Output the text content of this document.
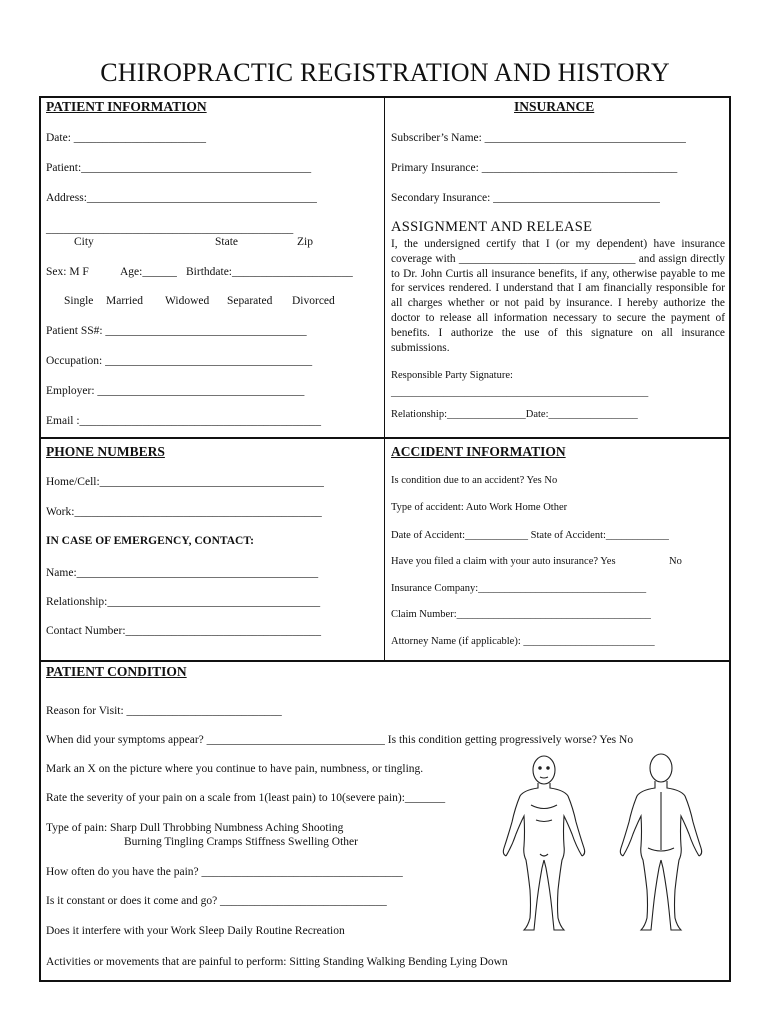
CHIROPRACTIC REGISTRATION AND HISTORY
PATIENT INFORMATION
Date: _______________________
Patient:________________________________________
Address:________________________________________
___________________________________________
City	State	Zip
Sex: M F	Age:______ Birthdate:_____________________
Single Married Widowed Separated Divorced
Patient SS#: ___________________________________
Occupation: ____________________________________
Employer: ____________________________________
Email :__________________________________________
INSURANCE
Subscriber’s Name: ___________________________________
Primary Insurance: __________________________________
Secondary Insurance: _____________________________
ASSIGNMENT AND RELEASE
I, the undersigned certify that I (or my dependent) have insurance coverage with _______________________________ and assign directly to Dr. John Curtis all insurance benefits, if any, otherwise payable to me for services rendered. I understand that I am financially responsible for all charges whether or not paid by insurance. I hereby authorize the doctor to release all information necessary to secure the payment of benefits. I authorize the use of this signature on all insurance submissions.
Responsible Party Signature:
_________________________________________________
Relationship:_______________Date:_________________
PHONE NUMBERS
Home/Cell:_______________________________________
Work:___________________________________________
IN CASE OF EMERGENCY, CONTACT:
Name:__________________________________________
Relationship:_____________________________________
Contact Number:__________________________________
ACCIDENT INFORMATION
Is condition due to an accident? Yes No
Type of accident: Auto Work Home Other
Date of Accident:____________ State of Accident:____________
Have you filed a claim with your auto insurance? Yes	No
Insurance Company:________________________________
Claim Number:_____________________________________
Attorney Name (if applicable): _________________________
PATIENT CONDITION
Reason for Visit: ___________________________
When did your symptoms appear? _______________________________ Is this condition getting progressively worse? Yes No
Mark an X on the picture where you continue to have pain, numbness, or tingling.
Rate the severity of your pain on a scale from 1(least pain) to 10(severe pain):_______
Type of pain: Sharp Dull Throbbing Numbness Aching Shooting
Burning Tingling Cramps Stiffness Swelling Other
How often do you have the pain? ___________________________________
Is it constant or does it come and go? _____________________________
Does it interfere with your Work Sleep Daily Routine Recreation
Activities or movements that are painful to perform: Sitting Standing Walking Bending Lying Down
